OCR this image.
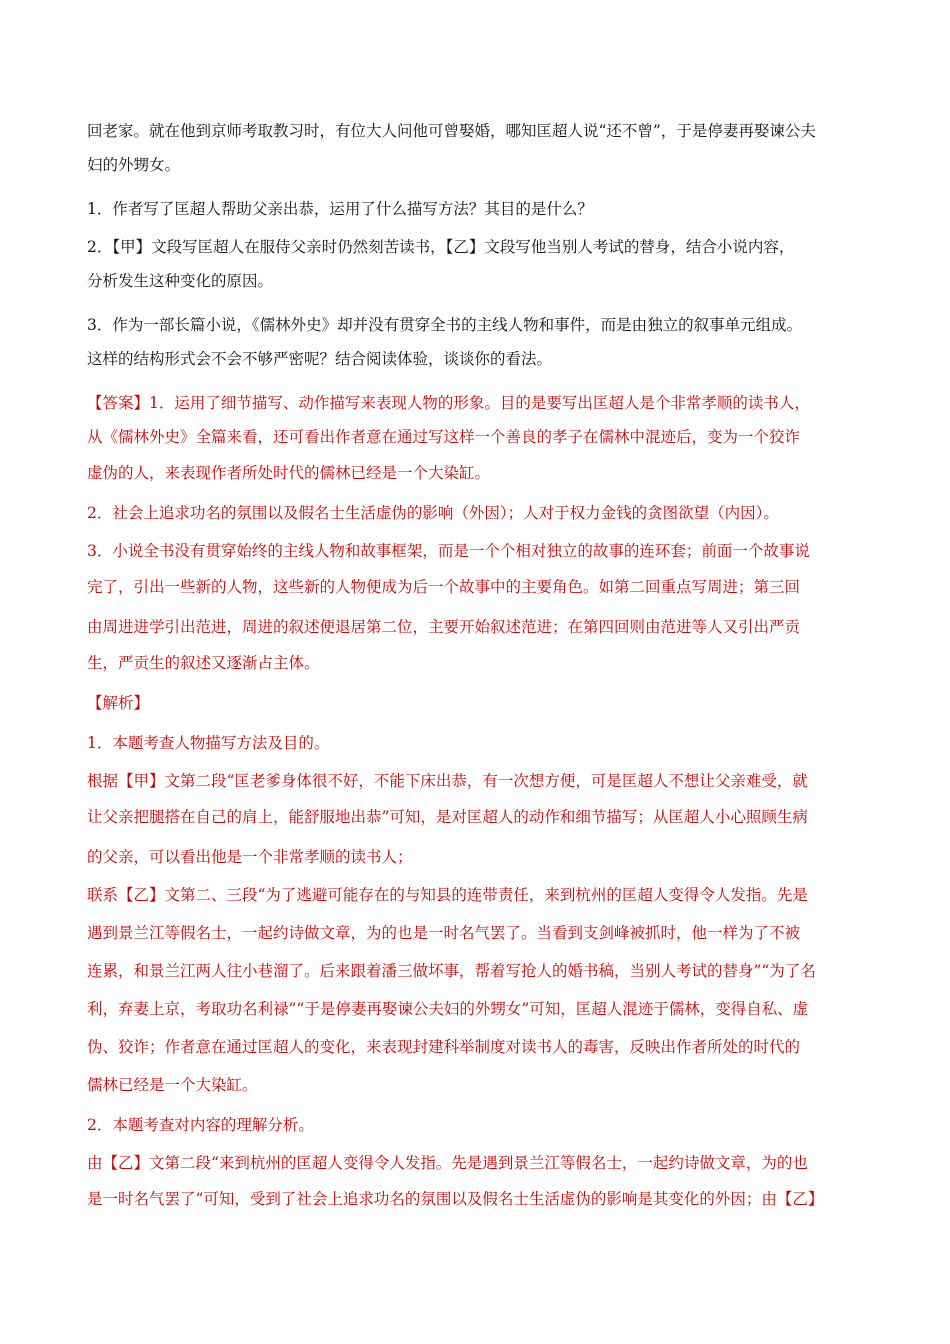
回老家。就在他到京师考取教习时，有位大人问他可曾娶婚，哪知匡超人说“还不曾”，于是停妻再娶谏公夫

妇的外甥女。

1．作者写了匡超人帮助父亲出恭，运用了什么描写方法？其目的是什么？

2．【甲】文段写匡超人在服侍父亲时仍然刻苦读书，【乙】文段写他当别人考试的替身，结合小说内容，

分析发生这种变化的原因。

3．作为一部长篇小说，《儒林外史》却并没有贯穿全书的主线人物和事件，而是由独立的叙事单元组成。

这样的结构形式会不会不够严密呢？结合阅读体验，谈谈你的看法。

【答案】1．运用了细节描写、动作描写来表现人物的形象。目的是要写出匡超人是个非常孝顺的读书人，

从《儒林外史》全篇来看，还可看出作者意在通过写这样一个善良的孝子在儒林中混迹后，变为一个狡诈

虚伪的人，来表现作者所处时代的儒林已经是一个大染缸。

2．社会上追求功名的氛围以及假名士生活虚伪的影响（外因）；人对于权力金钱的贪图欲望（内因）。

3．小说全书没有贯穿始终的主线人物和故事框架，而是一个个相对独立的故事的连环套；前面一个故事说

完了，引出一些新的人物，这些新的人物便成为后一个故事中的主要角色。如第二回重点写周进；第三回

由周进进学引出范进，周进的叙述便退居第二位，主要开始叙述范进；在第四回则由范进等人又引出严贡

生，严贡生的叙述又逐渐占主体。

【解析】

1．本题考查人物描写方法及目的。

根据【甲】文第二段“匡老爹身体很不好，不能下床出恭，有一次想方便，可是匡超人不想让父亲难受，就

让父亲把腿搭在自己的肩上，能舒服地出恭”可知，是对匡超人的动作和细节描写；从匡超人小心照顾生病

的父亲，可以看出他是一个非常孝顺的读书人；

联系【乙】文第二、三段“为了逃避可能存在的与知县的连带责任，来到杭州的匡超人变得令人发指。先是

遇到景兰江等假名士，一起约诗做文章，为的也是一时名气罢了。当看到支剑峰被抓时，他一样为了不被

连累，和景兰江两人往小巷溜了。后来跟着潘三做坏事，帮着写抢人的婚书稿，当别人考试的替身”“为了名

利，弃妻上京，考取功名利禄”“于是停妻再娶谏公夫妇的外甥女”可知，匡超人混迹于儒林，变得自私、虚

伪、狡诈；作者意在通过匡超人的变化，来表现封建科举制度对读书人的毒害，反映出作者所处的时代的

儒林已经是一个大染缸。

2．本题考查对内容的理解分析。

由【乙】文第二段“来到杭州的匡超人变得令人发指。先是遇到景兰江等假名士，一起约诗做文章，为的也

是一时名气罢了”可知，受到了社会上追求功名的氛围以及假名士生活虚伪的影响是其变化的外因；由【乙】
